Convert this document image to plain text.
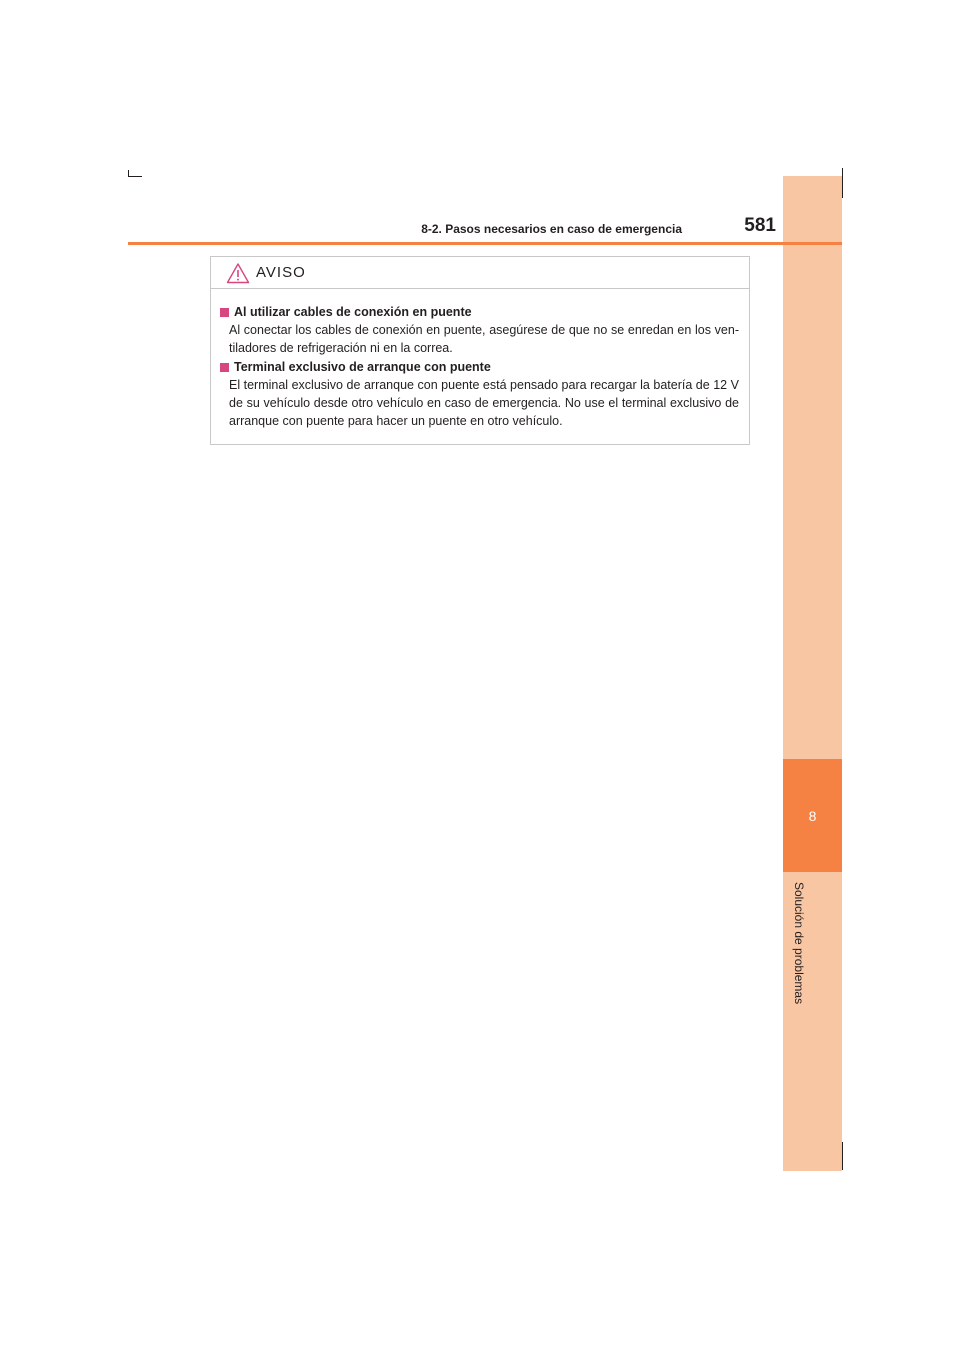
8
Solución de problemas
8-2. Pasos necesarios en caso de emergencia	581
AVISO
Al utilizar cables de conexión en puente
Al conectar los cables de conexión en puente, asegúrese de que no se enredan en los ven-tiladores de refrigeración ni en la correa.
Terminal exclusivo de arranque con puente
El terminal exclusivo de arranque con puente está pensado para recargar la batería de 12 V de su vehículo desde otro vehículo en caso de emergencia. No use el terminal exclusivo de arranque con puente para hacer un puente en otro vehículo.
